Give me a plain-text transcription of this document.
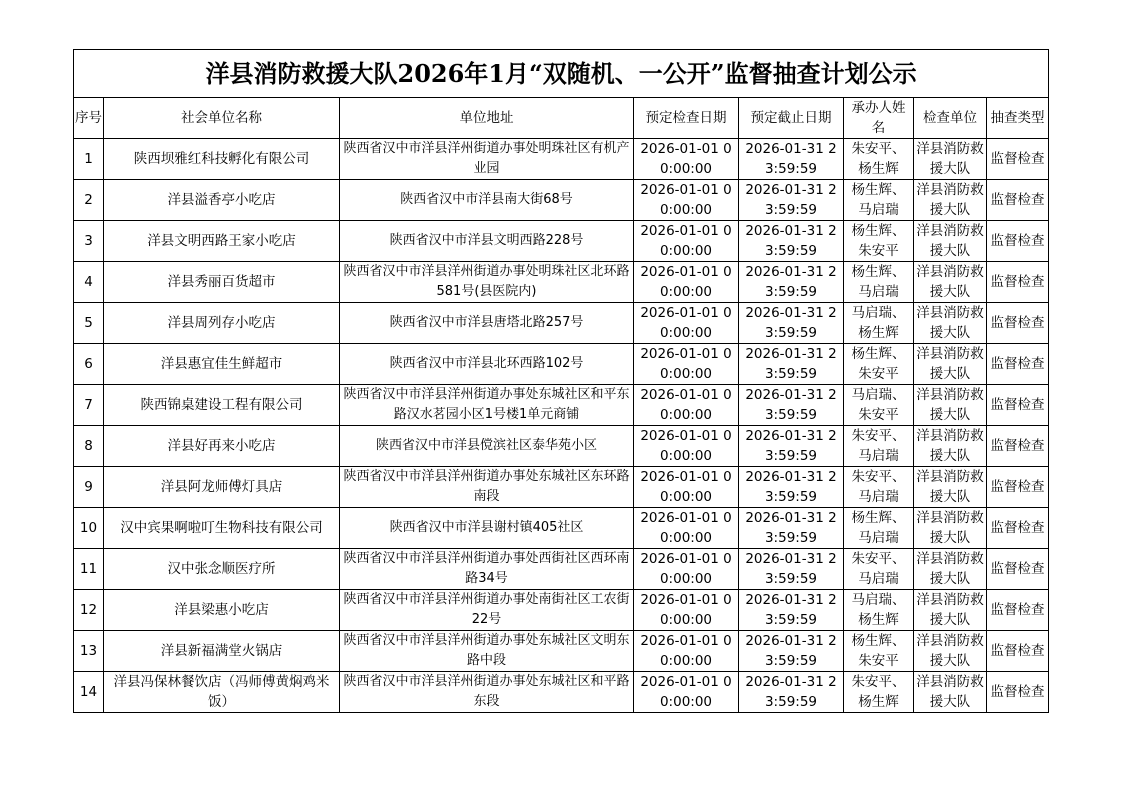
洋县消防救援大队2026年1月“双随机、一公开”监督抽查计划公示							
序号	社会单位名称	单位地址	预定检查日期	预定截止日期	承办人姓名	检查单位	抽查类型
1	陕西坝雅红科技孵化有限公司	陕西省汉中市洋县洋州街道办事处明珠社区有机产业园	2026-01-01 00:00:00	2026-01-31 23:59:59	朱安平、杨生辉	洋县消防救援大队	监督检查
2	洋县溢香亭小吃店	陕西省汉中市洋县南大街68号	2026-01-01 00:00:00	2026-01-31 23:59:59	杨生辉、马启瑞	洋县消防救援大队	监督检查
3	洋县文明西路王家小吃店	陕西省汉中市洋县文明西路228号	2026-01-01 00:00:00	2026-01-31 23:59:59	杨生辉、朱安平	洋县消防救援大队	监督检查
4	洋县秀丽百货超市	陕西省汉中市洋县洋州街道办事处明珠社区北环路581号(县医院内)	2026-01-01 00:00:00	2026-01-31 23:59:59	杨生辉、马启瑞	洋县消防救援大队	监督检查
5	洋县周列存小吃店	陕西省汉中市洋县唐塔北路257号	2026-01-01 00:00:00	2026-01-31 23:59:59	马启瑞、杨生辉	洋县消防救援大队	监督检查
6	洋县惠宜佳生鲜超市	陕西省汉中市洋县北环西路102号	2026-01-01 00:00:00	2026-01-31 23:59:59	杨生辉、朱安平	洋县消防救援大队	监督检查
7	陕西锦桌建设工程有限公司	陕西省汉中市洋县洋州街道办事处东城社区和平东路汉水茗园小区1号楼1单元商铺	2026-01-01 00:00:00	2026-01-31 23:59:59	马启瑞、朱安平	洋县消防救援大队	监督检查
8	洋县好再来小吃店	陕西省汉中市洋县傥滨社区泰华苑小区	2026-01-01 00:00:00	2026-01-31 23:59:59	朱安平、马启瑞	洋县消防救援大队	监督检查
9	洋县阿龙师傅灯具店	陕西省汉中市洋县洋州街道办事处东城社区东环路南段	2026-01-01 00:00:00	2026-01-31 23:59:59	朱安平、马启瑞	洋县消防救援大队	监督检查
10	汉中宾果啊啦叮生物科技有限公司	陕西省汉中市洋县谢村镇405社区	2026-01-01 00:00:00	2026-01-31 23:59:59	杨生辉、马启瑞	洋县消防救援大队	监督检查
11	汉中张念顺医疗所	陕西省汉中市洋县洋州街道办事处西街社区西环南路34号	2026-01-01 00:00:00	2026-01-31 23:59:59	朱安平、马启瑞	洋县消防救援大队	监督检查
12	洋县梁惠小吃店	陕西省汉中市洋县洋州街道办事处南街社区工农街22号	2026-01-01 00:00:00	2026-01-31 23:59:59	马启瑞、杨生辉	洋县消防救援大队	监督检查
13	洋县新福满堂火锅店	陕西省汉中市洋县洋州街道办事处东城社区文明东路中段	2026-01-01 00:00:00	2026-01-31 23:59:59	杨生辉、朱安平	洋县消防救援大队	监督检查
14	洋县冯保林餐饮店（冯师傅黄焖鸡米饭）	陕西省汉中市洋县洋州街道办事处东城社区和平路东段	2026-01-01 00:00:00	2026-01-31 23:59:59	朱安平、杨生辉	洋县消防救援大队	监督检查
